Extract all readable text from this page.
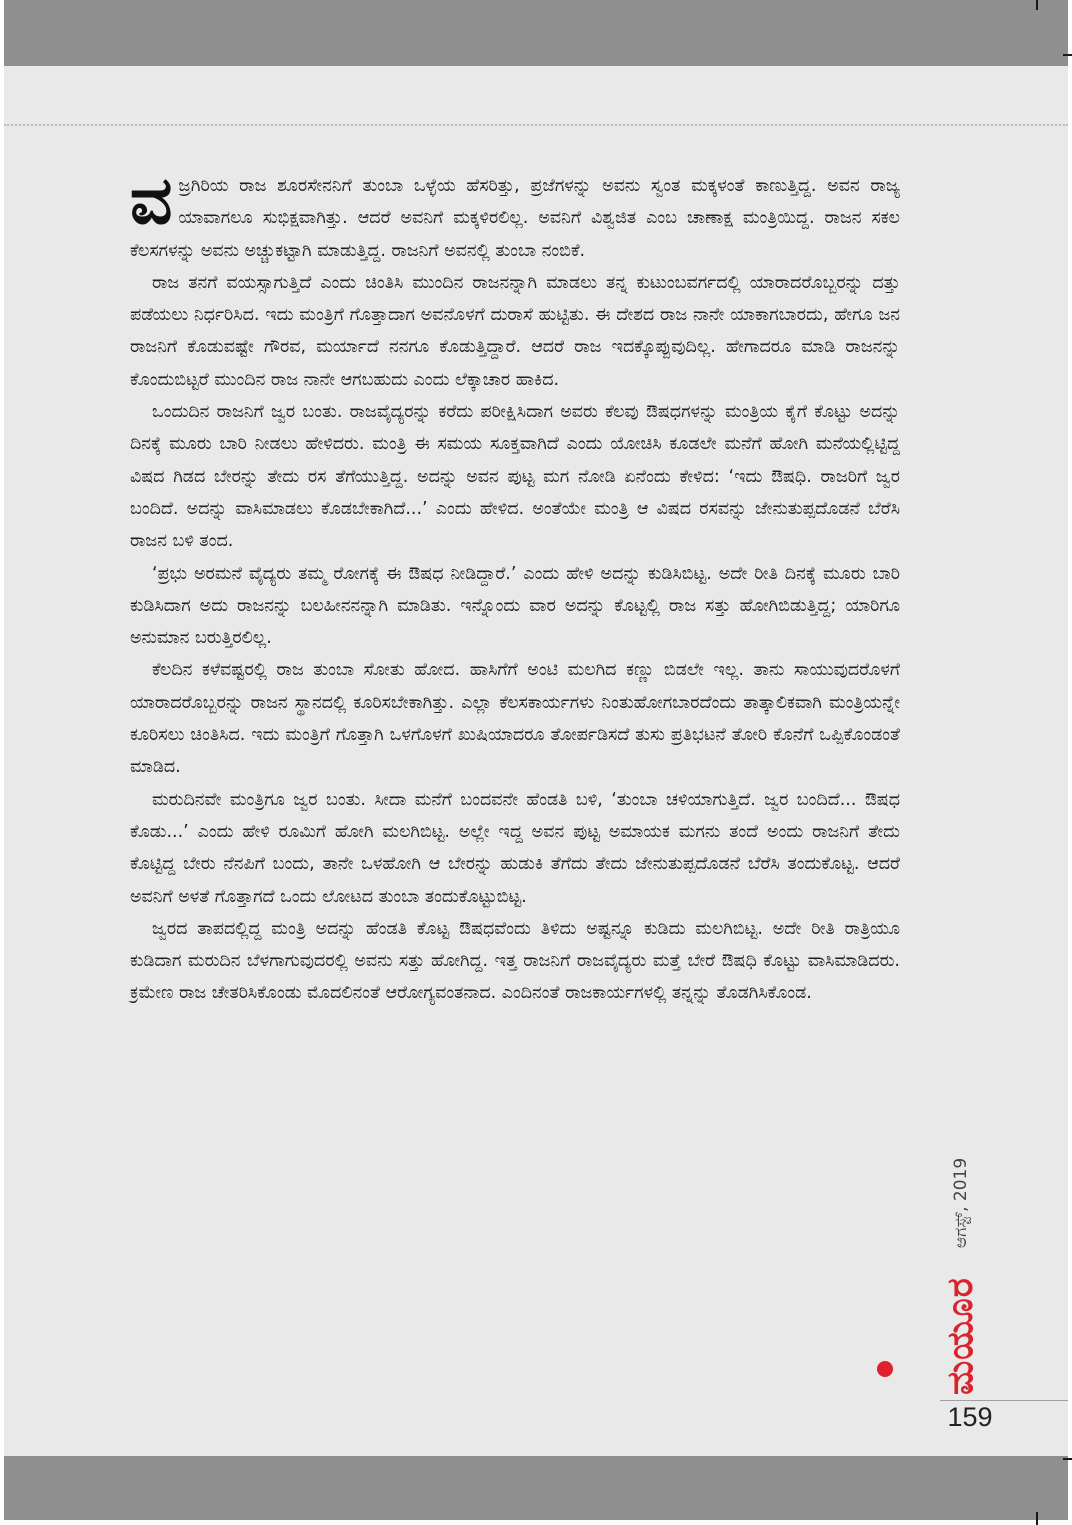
ವಜ್ರಗಿರಿಯ ರಾಜ ಶೂರಸೇನನಿಗೆ ತುಂಬಾ ಒಳ್ಳೆಯ ಹೆಸರಿತ್ತು, ಪ್ರಜೆಗಳನ್ನು ಅವನು ಸ್ವಂತ ಮಕ್ಕಳಂತೆ ಕಾಣುತ್ತಿದ್ದ. ಅವನ ರಾಜ್ಯ ಯಾವಾಗಲೂ ಸುಭಿಕ್ಷವಾಗಿತ್ತು. ಆದರೆ ಅವನಿಗೆ ಮಕ್ಕಳಿರಲಿಲ್ಲ. ಅವನಿಗೆ ವಿಶ್ವಜಿತ ಎಂಬ ಚಾಣಾಕ್ಷ ಮಂತ್ರಿಯಿದ್ದ. ರಾಜನ ಸಕಲ ಕೆಲಸಗಳನ್ನು ಅವನು ಅಚ್ಚುಕಟ್ಟಾಗಿ ಮಾಡುತ್ತಿದ್ದ. ರಾಜನಿಗೆ ಅವನಲ್ಲಿ ತುಂಬಾ ನಂಬಿಕೆ.

ರಾಜ ತನಗೆ ವಯಸ್ಸಾಗುತ್ತಿದೆ ಎಂದು ಚಿಂತಿಸಿ ಮುಂದಿನ ರಾಜನನ್ನಾಗಿ ಮಾಡಲು ತನ್ನ ಕುಟುಂಬವರ್ಗದಲ್ಲಿ ಯಾರಾದರೊಬ್ಬರನ್ನು ದತ್ತು ಪಡೆಯಲು ನಿರ್ಧರಿಸಿದ. ಇದು ಮಂತ್ರಿಗೆ ಗೊತ್ತಾದಾಗ ಅವನೊಳಗೆ ದುರಾಸೆ ಹುಟ್ಟಿತು. ಈ ದೇಶದ ರಾಜ ನಾನೇ ಯಾಕಾಗಬಾರದು, ಹೇಗೂ ಜನ ರಾಜನಿಗೆ ಕೊಡುವಷ್ಟೇ ಗೌರವ, ಮರ್ಯಾದೆ ನನಗೂ ಕೊಡುತ್ತಿದ್ದಾರೆ. ಆದರೆ ರಾಜ ಇದಕ್ಕೊಪ್ಪುವುದಿಲ್ಲ. ಹೇಗಾದರೂ ಮಾಡಿ ರಾಜನನ್ನು ಕೊಂದುಬಿಟ್ಟರೆ ಮುಂದಿನ ರಾಜ ನಾನೇ ಆಗಬಹುದು ಎಂದು ಲೆಕ್ಕಾಚಾರ ಹಾಕಿದ.

ಒಂದುದಿನ ರಾಜನಿಗೆ ಜ್ವರ ಬಂತು. ರಾಜವೈದ್ಯರನ್ನು ಕರೆದು ಪರೀಕ್ಷಿಸಿದಾಗ ಅವರು ಕೆಲವು ಔಷಧಗಳನ್ನು ಮಂತ್ರಿಯ ಕೈಗೆ ಕೊಟ್ಟು ಅದನ್ನು ದಿನಕ್ಕೆ ಮೂರು ಬಾರಿ ನೀಡಲು ಹೇಳಿದರು. ಮಂತ್ರಿ ಈ ಸಮಯ ಸೂಕ್ತವಾಗಿದೆ ಎಂದು ಯೋಚಿಸಿ ಕೂಡಲೇ ಮನೆಗೆ ಹೋಗಿ ಮನೆಯಲ್ಲಿಟ್ಟಿದ್ದ ವಿಷದ ಗಿಡದ ಬೇರನ್ನು ತೇದು ರಸ ತೆಗೆಯುತ್ತಿದ್ದ. ಅದನ್ನು ಅವನ ಪುಟ್ಟ ಮಗ ನೋಡಿ ಏನೆಂದು ಕೇಳಿದ: ‘ಇದು ಔಷಧಿ. ರಾಜರಿಗೆ ಜ್ವರ ಬಂದಿದೆ. ಅದನ್ನು ವಾಸಿಮಾಡಲು ಕೊಡಬೇಕಾಗಿದೆ...’ ಎಂದು ಹೇಳಿದ. ಅಂತೆಯೇ ಮಂತ್ರಿ ಆ ವಿಷದ ರಸವನ್ನು ಜೇನುತುಪ್ಪದೊಡನೆ ಬೆರೆಸಿ ರಾಜನ ಬಳಿ ತಂದ.

‘ಪ್ರಭು ಅರಮನೆ ವೈದ್ಯರು ತಮ್ಮ ರೋಗಕ್ಕೆ ಈ ಔಷಧ ನೀಡಿದ್ದಾರೆ.’ ಎಂದು ಹೇಳಿ ಅದನ್ನು ಕುಡಿಸಿಬಿಟ್ಟ. ಅದೇ ರೀತಿ ದಿನಕ್ಕೆ ಮೂರು ಬಾರಿ ಕುಡಿಸಿದಾಗ ಅದು ರಾಜನನ್ನು ಬಲಹೀನನನ್ನಾಗಿ ಮಾಡಿತು. ಇನ್ನೊಂದು ವಾರ ಅದನ್ನು ಕೊಟ್ಟಲ್ಲಿ ರಾಜ ಸತ್ತು ಹೋಗಿಬಿಡುತ್ತಿದ್ದ; ಯಾರಿಗೂ ಅನುಮಾನ ಬರುತ್ತಿರಲಿಲ್ಲ.

ಕೆಲದಿನ ಕಳೆವಷ್ಟರಲ್ಲಿ ರಾಜ ತುಂಬಾ ಸೋತು ಹೋದ. ಹಾಸಿಗೆಗೆ ಅಂಟಿ ಮಲಗಿದ ಕಣ್ಣು ಬಿಡಲೇ ಇಲ್ಲ. ತಾನು ಸಾಯುವುದರೊಳಗೆ ಯಾರಾದರೊಬ್ಬರನ್ನು ರಾಜನ ಸ್ಥಾನದಲ್ಲಿ ಕೂರಿಸಬೇಕಾಗಿತ್ತು. ಎಲ್ಲಾ ಕೆಲಸಕಾರ್ಯಗಳು ನಿಂತುಹೋಗಬಾರದೆಂದು ತಾತ್ಕಾಲಿಕವಾಗಿ ಮಂತ್ರಿಯನ್ನೇ ಕೂರಿಸಲು ಚಿಂತಿಸಿದ. ಇದು ಮಂತ್ರಿಗೆ ಗೊತ್ತಾಗಿ ಒಳಗೊಳಗೆ ಖುಷಿಯಾದರೂ ತೋರ್ಪಡಿಸದೆ ತುಸು ಪ್ರತಿಭಟನೆ ತೋರಿ ಕೊನೆಗೆ ಒಪ್ಪಿಕೊಂಡಂತೆ ಮಾಡಿದ.

ಮರುದಿನವೇ ಮಂತ್ರಿಗೂ ಜ್ವರ ಬಂತು. ಸೀದಾ ಮನೆಗೆ ಬಂದವನೇ ಹೆಂಡತಿ ಬಳಿ, ‘ತುಂಬಾ ಚಳಿಯಾಗುತ್ತಿದೆ. ಜ್ವರ ಬಂದಿದೆ... ಔಷಧ ಕೊಡು...’ ಎಂದು ಹೇಳಿ ರೂಮಿಗೆ ಹೋಗಿ ಮಲಗಿಬಿಟ್ಟ. ಅಲ್ಲೇ ಇದ್ದ ಅವನ ಪುಟ್ಟ ಅಮಾಯಕ ಮಗನು ತಂದೆ ಅಂದು ರಾಜನಿಗೆ ತೇದು ಕೊಟ್ಟಿದ್ದ ಬೇರು ನೆನಪಿಗೆ ಬಂದು, ತಾನೇ ಒಳಹೋಗಿ ಆ ಬೇರನ್ನು ಹುಡುಕಿ ತೆಗೆದು ತೇದು ಜೇನುತುಪ್ಪದೊಡನೆ ಬೆರೆಸಿ ತಂದುಕೊಟ್ಟ. ಆದರೆ ಅವನಿಗೆ ಅಳತೆ ಗೊತ್ತಾಗದೆ ಒಂದು ಲೋಟದ ತುಂಬಾ ತಂದುಕೊಟ್ಟುಬಿಟ್ಟ.

ಜ್ವರದ ತಾಪದಲ್ಲಿದ್ದ ಮಂತ್ರಿ ಅದನ್ನು ಹೆಂಡತಿ ಕೊಟ್ಟ ಔಷಧವೆಂದು ತಿಳಿದು ಅಷ್ಟನ್ನೂ ಕುಡಿದು ಮಲಗಿಬಿಟ್ಟ. ಅದೇ ರೀತಿ ರಾತ್ರಿಯೂ ಕುಡಿದಾಗ ಮರುದಿನ ಬೆಳಗಾಗುವುದರಲ್ಲಿ ಅವನು ಸತ್ತು ಹೋಗಿದ್ದ. ಇತ್ತ ರಾಜನಿಗೆ ರಾಜವೈದ್ಯರು ಮತ್ತೆ ಬೇರೆ ಔಷಧಿ ಕೊಟ್ಟು ವಾಸಿಮಾಡಿದರು. ಕ್ರಮೇಣ ರಾಜ ಚೇತರಿಸಿಕೊಂಡು ಮೊದಲಿನಂತೆ ಆರೋಗ್ಯವಂತನಾದ. ಎಂದಿನಂತೆ ರಾಜಕಾರ್ಯಗಳಲ್ಲಿ ತನ್ನನ್ನು ತೊಡಗಿಸಿಕೊಂಡ.

ಮಯೂರ ಆಗಸ್ಟ್, 2019
159
